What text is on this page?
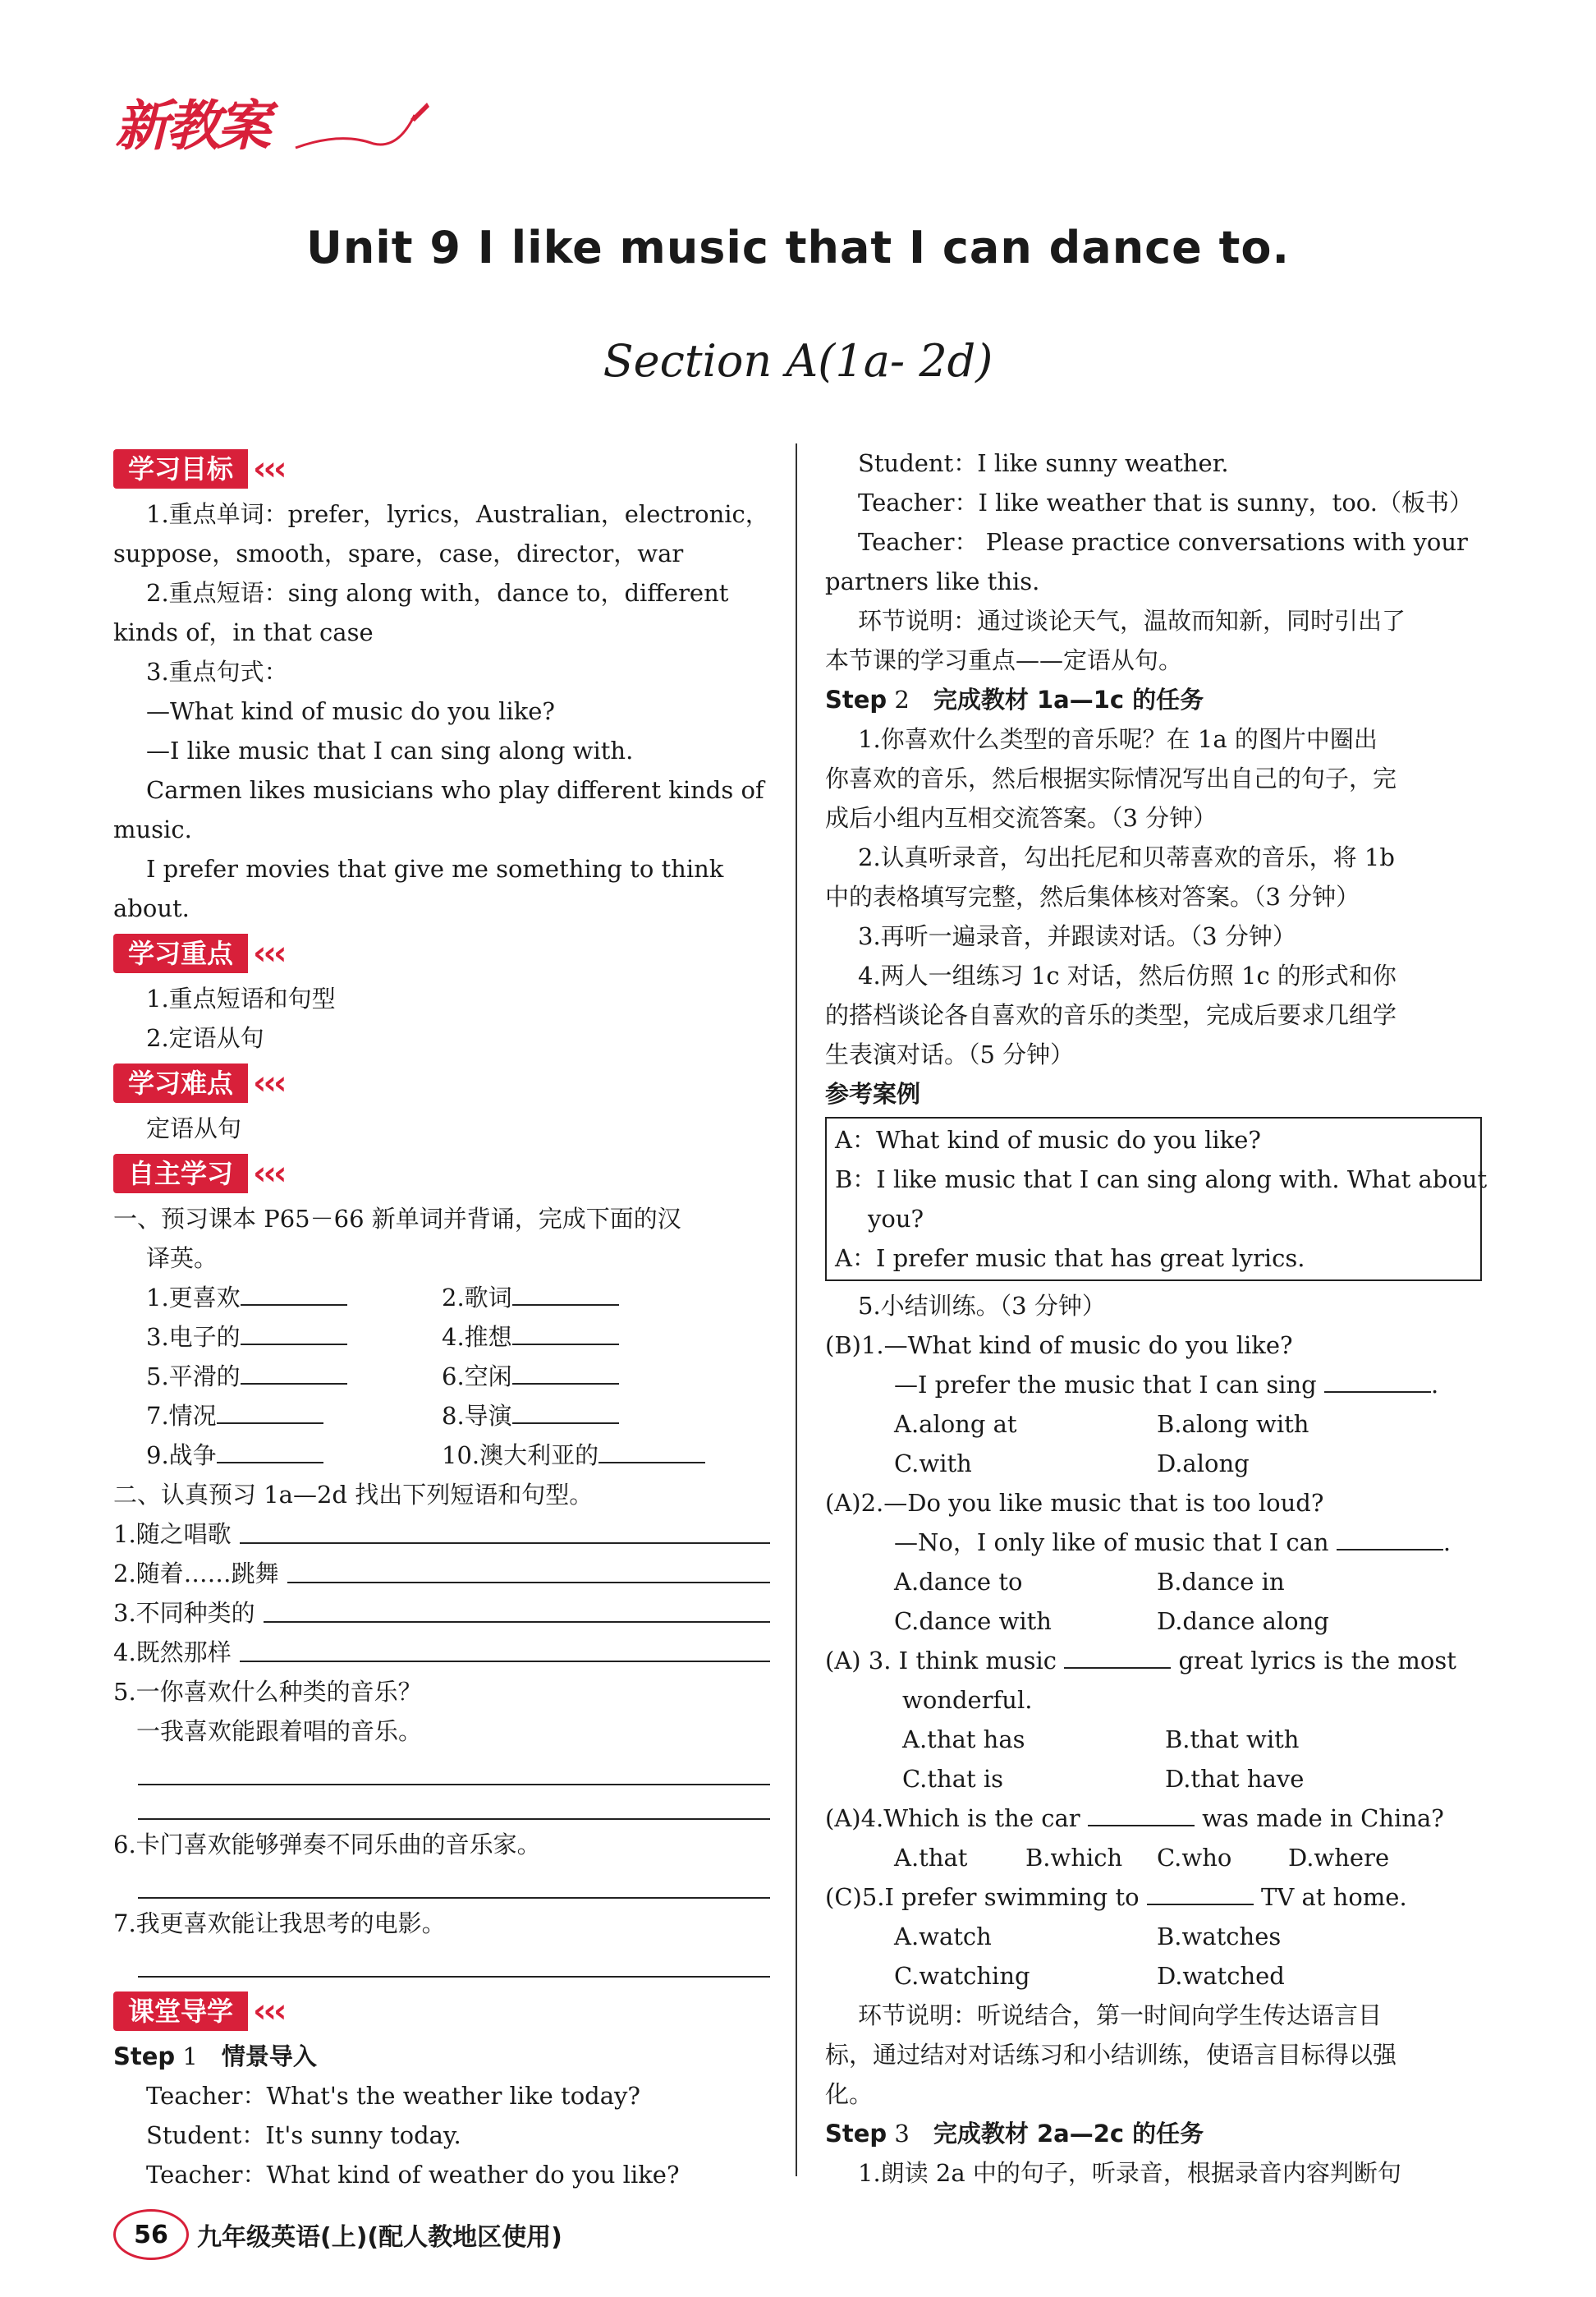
新教案
Unit 9 I like music that I can dance to.
Section A(1a- 2d)
学习目标 ‹‹‹
1.重点单词：prefer，lyrics，Australian，electronic，
suppose，smooth，spare，case，director，war
2.重点短语：sing along with，dance to，different
kinds of，in that case
3.重点句式：
—What kind of music do you like?
—I like music that I can sing along with.
Carmen likes musicians who play different kinds of
music.
I prefer movies that give me something to think
about.
学习重点 ‹‹‹
1.重点短语和句型
2.定语从句
学习难点 ‹‹‹
定语从句
自主学习 ‹‹‹
一、预习课本 P65－66 新单词并背诵，完成下面的汉
译英。
1.更喜欢	2.歌词
3.电子的	4.推想
5.平滑的	6.空闲
7.情况	8.导演
9.战争	10.澳大利亚的
二、认真预习 1a—2d 找出下列短语和句型。
1.随之唱歌
2.随着……跳舞
3.不同种类的
4.既然那样
5.一你喜欢什么种类的音乐？
一我喜欢能跟着唱的音乐。
6.卡门喜欢能够弹奏不同乐曲的音乐家。
7.我更喜欢能让我思考的电影。
课堂导学 ‹‹‹
Step 1　 情景导入
Teacher：What's the weather like today?
Student：It's sunny today.
Teacher：What kind of weather do you like?
Student：I like sunny weather.
Teacher：I like weather that is sunny，too.（板书）
Teacher： Please practice conversations with your
partners like this.
环节说明：通过谈论天气，温故而知新，同时引出了
本节课的学习重点——定语从句。
Step 2　 完成教材 1a—1c 的任务
1.你喜欢什么类型的音乐呢？在 1a 的图片中圈出
你喜欢的音乐，然后根据实际情况写出自己的句子，完
成后小组内互相交流答案。（3 分钟）
2.认真听录音，勾出托尼和贝蒂喜欢的音乐，将 1b
中的表格填写完整，然后集体核对答案。（3 分钟）
3.再听一遍录音，并跟读对话。（3 分钟）
4.两人一组练习 1c 对话，然后仿照 1c 的形式和你
的搭档谈论各自喜欢的音乐的类型，完成后要求几组学
生表演对话。（5 分钟）
参考案例
A：What kind of music do you like?
B：I like music that I can sing along with. What about
you?
A：I prefer music that has great lyrics.
5.小结训练。（3 分钟）
(B)1.—What kind of music do you like?
—I prefer the music that I can sing	.
A.along at	B.along with
C.with	D.along
(A)2.—Do you like music that is too loud?
—No，I only like of music that I can	.
A.dance to	B.dance in
C.dance with	D.dance along
(A) 3. I think music	great lyrics is the most
wonderful.
A.that has	B.that with
C.that is	D.that have
(A)4.Which is the car	was made in China?
A.that	B.which	C.who	D.where
(C)5.I prefer swimming to	TV at home.
A.watch	B.watches
C.watching	D.watched
环节说明：听说结合，第一时间向学生传达语言目
标，通过结对对话练习和小结训练，使语言目标得以强
化。
Step 3　 完成教材 2a—2c 的任务
1.朗读 2a 中的句子，听录音，根据录音内容判断句
56	九年级英语(上)(配人教地区使用)
